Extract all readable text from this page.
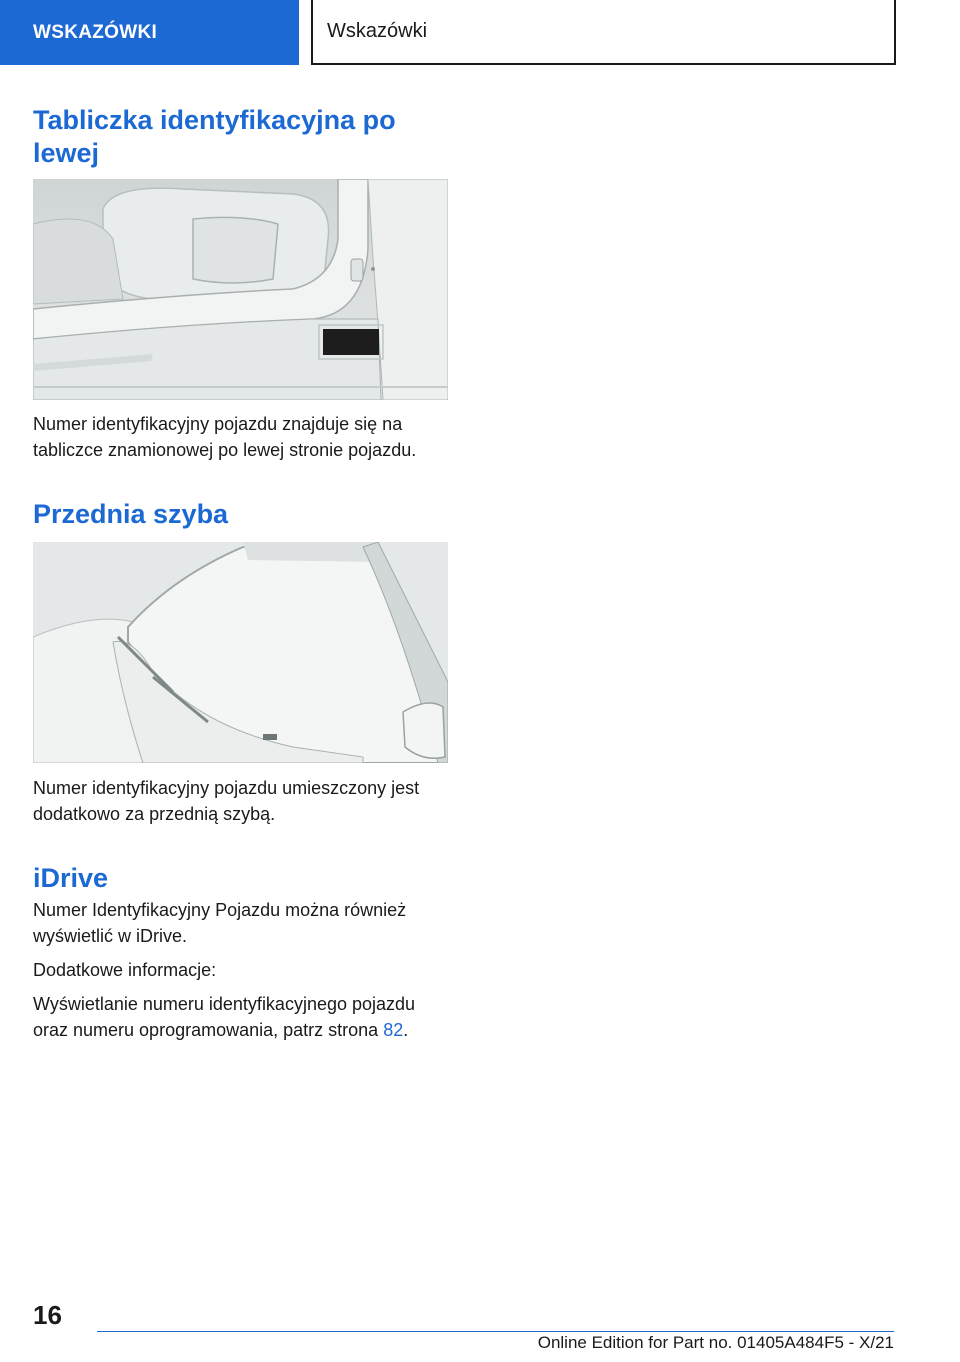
WSKAZÓWKI	Wskazówki
Tabliczka identyfikacyjna po lewej

Numer identyfikacyjny pojazdu znajduje się na tabliczce znamionowej po lewej stronie pojazdu.

Przednia szyba

Numer identyfikacyjny pojazdu umieszczony jest dodatkowo za przednią szybą.

iDrive

Numer Identyfikacyjny Pojazdu można również wyświetlić w iDrive.

Dodatkowe informacje:

Wyświetlanie numeru identyfikacyjnego pojazdu oraz numeru oprogramowania, patrz strona 82.

16
Online Edition for Part no. 01405A484F5 - X/21
